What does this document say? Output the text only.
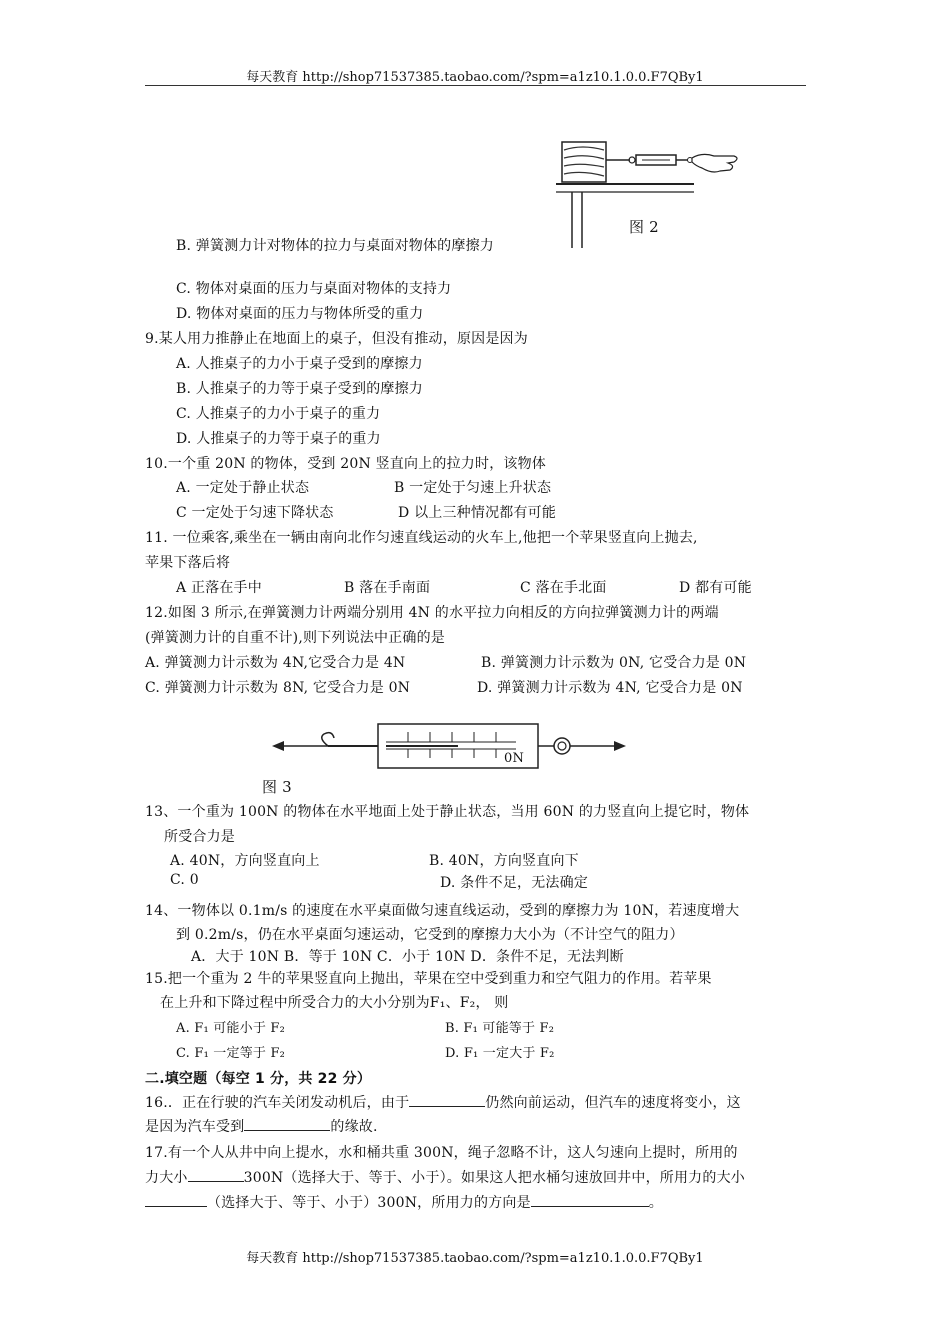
每天教育 http://shop71537385.taobao.com/?spm=a1z10.1.0.0.F7QBy1
图 2
B. 弹簧测力计对物体的拉力与桌面对物体的摩擦力
C. 物体对桌面的压力与桌面对物体的支持力
D. 物体对桌面的压力与物体所受的重力
9.某人用力推静止在地面上的桌子，但没有推动，原因是因为
A. 人推桌子的力小于桌子受到的摩擦力
B. 人推桌子的力等于桌子受到的摩擦力
C. 人推桌子的力小于桌子的重力
D. 人推桌子的力等于桌子的重力
10.一个重 20N 的物体，受到 20N 竖直向上的拉力时，该物体
A. 一定处于静止状态	B 一定处于匀速上升状态
C 一定处于匀速下降状态	D 以上三种情况都有可能
11. 一位乘客,乘坐在一辆由南向北作匀速直线运动的火车上,他把一个苹果竖直向上抛去,
苹果下落后将
A 正落在手中	B 落在手南面	C 落在手北面	D 都有可能
12.如图 3 所示,在弹簧测力计两端分别用 4N 的水平拉力向相反的方向拉弹簧测力计的两端
(弹簧测力计的自重不计),则下列说法中正确的是
A. 弹簧测力计示数为 4N,它受合力是 4N	B. 弹簧测力计示数为 0N, 它受合力是 0N
C. 弹簧测力计示数为 8N, 它受合力是 0N	D. 弹簧测力计示数为 4N, 它受合力是 0N
0N
图 3
13、一个重为 100N 的物体在水平地面上处于静止状态，当用 60N 的力竖直向上提它时，物体
所受合力是
A. 40N，方向竖直向上	B. 40N，方向竖直向下
C. 0	D. 条件不足，无法确定
14、一物体以 0.1m/s 的速度在水平桌面做匀速直线运动，受到的摩擦力为 10N，若速度增大
到 0.2m/s，仍在水平桌面匀速运动，它受到的摩擦力大小为（不计空气的阻力）
A．大于 10N B．等于 10N C．小于 10N D．条件不足，无法判断
15.把一个重为 2 牛的苹果竖直向上抛出，苹果在空中受到重力和空气阻力的作用。若苹果
在上升和下降过程中所受合力的大小分别为F₁、F₂， 则
A. F₁ 可能小于 F₂	B. F₁ 可能等于 F₂
C. F₁ 一定等于 F₂	D. F₁ 一定大于 F₂
二.填空题（每空 1 分，共 22 分）
16.．正在行驶的汽车关闭发动机后，由于	仍然向前运动，但汽车的速度将变小，这
是因为汽车受到	的缘故.
17.有一个人从井中向上提水，水和桶共重 300N，绳子忽略不计，这人匀速向上提时，所用的
力大小	300N（选择大于、等于、小于）。如果这人把水桶匀速放回井中，所用力的大小
（选择大于、等于、小于）300N，所用力的方向是	。
每天教育 http://shop71537385.taobao.com/?spm=a1z10.1.0.0.F7QBy1
